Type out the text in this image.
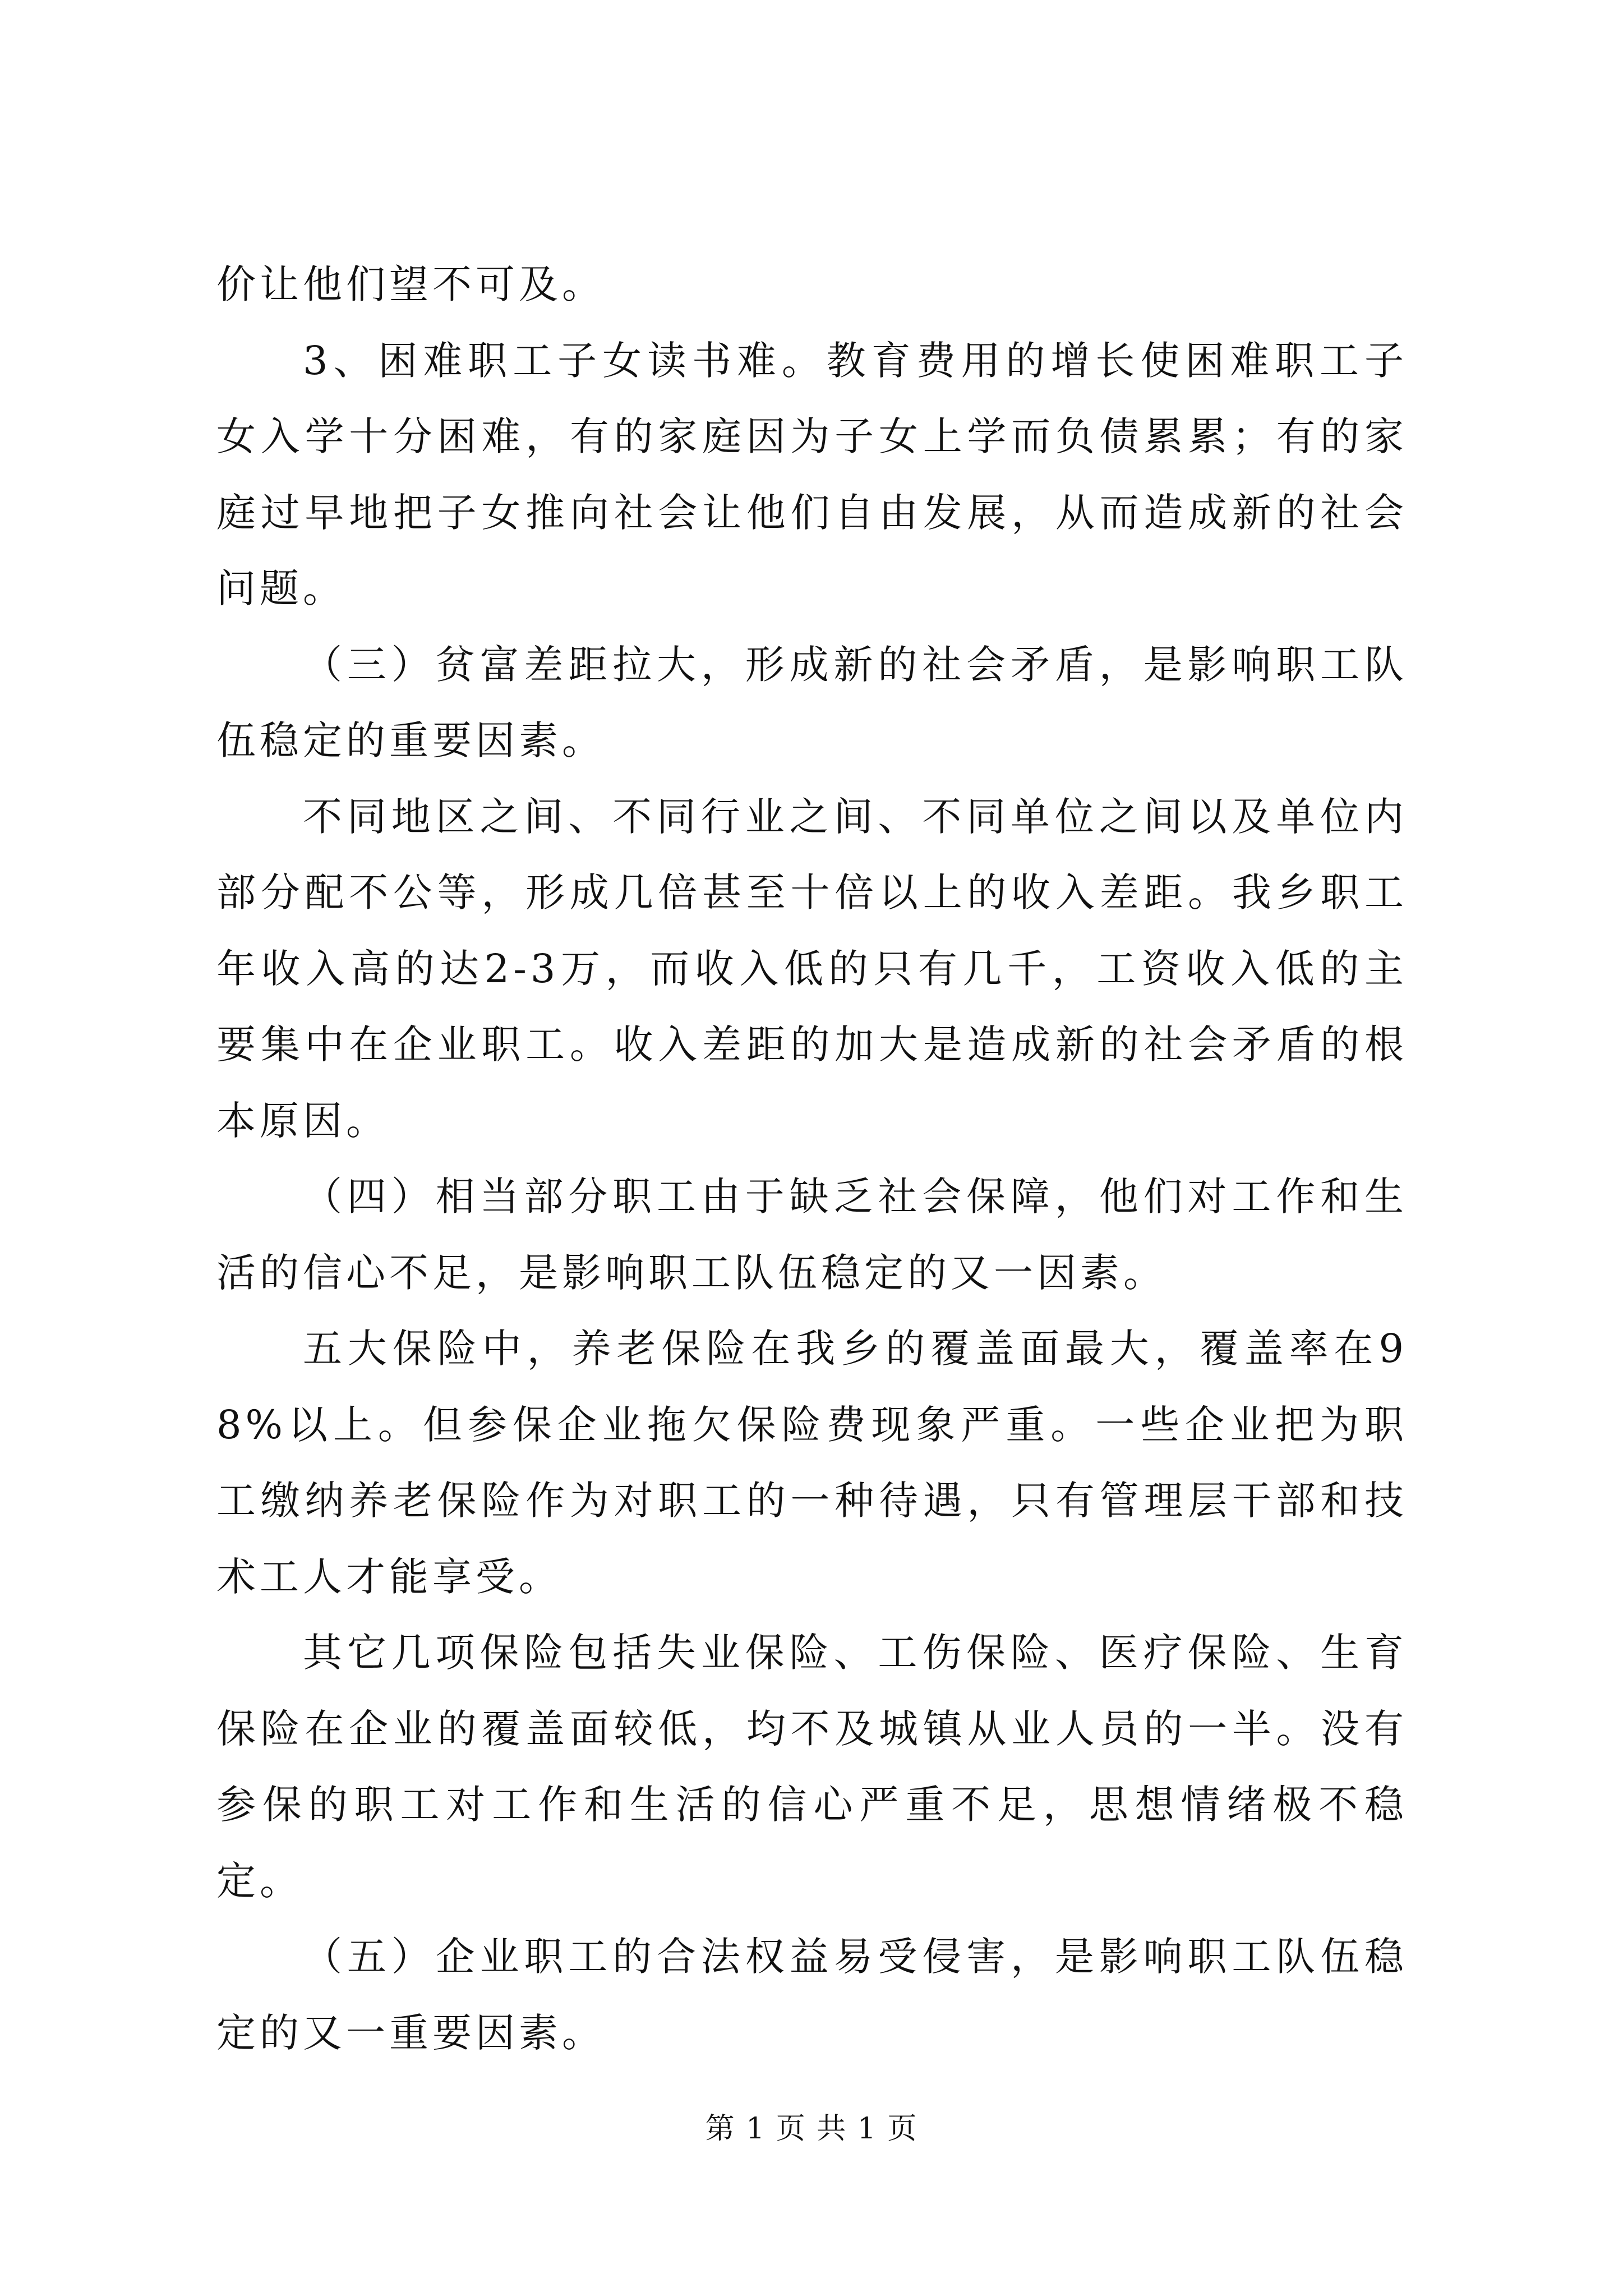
价让他们望不可及。

3、困难职工子女读书难。教育费用的增长使困难职工子女入学十分困难，有的家庭因为子女上学而负债累累；有的家庭过早地把子女推向社会让他们自由发展，从而造成新的社会问题。

（三）贫富差距拉大，形成新的社会矛盾，是影响职工队伍稳定的重要因素。

不同地区之间、不同行业之间、不同单位之间以及单位内部分配不公等，形成几倍甚至十倍以上的收入差距。我乡职工年收入高的达2-3万，而收入低的只有几千，工资收入低的主要集中在企业职工。收入差距的加大是造成新的社会矛盾的根本原因。

（四）相当部分职工由于缺乏社会保障，他们对工作和生活的信心不足，是影响职工队伍稳定的又一因素。

五大保险中，养老保险在我乡的覆盖面最大，覆盖率在98%以上。但参保企业拖欠保险费现象严重。一些企业把为职工缴纳养老保险作为对职工的一种待遇，只有管理层干部和技术工人才能享受。

其它几项保险包括失业保险、工伤保险、医疗保险、生育保险在企业的覆盖面较低，均不及城镇从业人员的一半。没有参保的职工对工作和生活的信心严重不足，思想情绪极不稳定。

（五）企业职工的合法权益易受侵害，是影响职工队伍稳定的又一重要因素。

第 1 页 共 1 页
